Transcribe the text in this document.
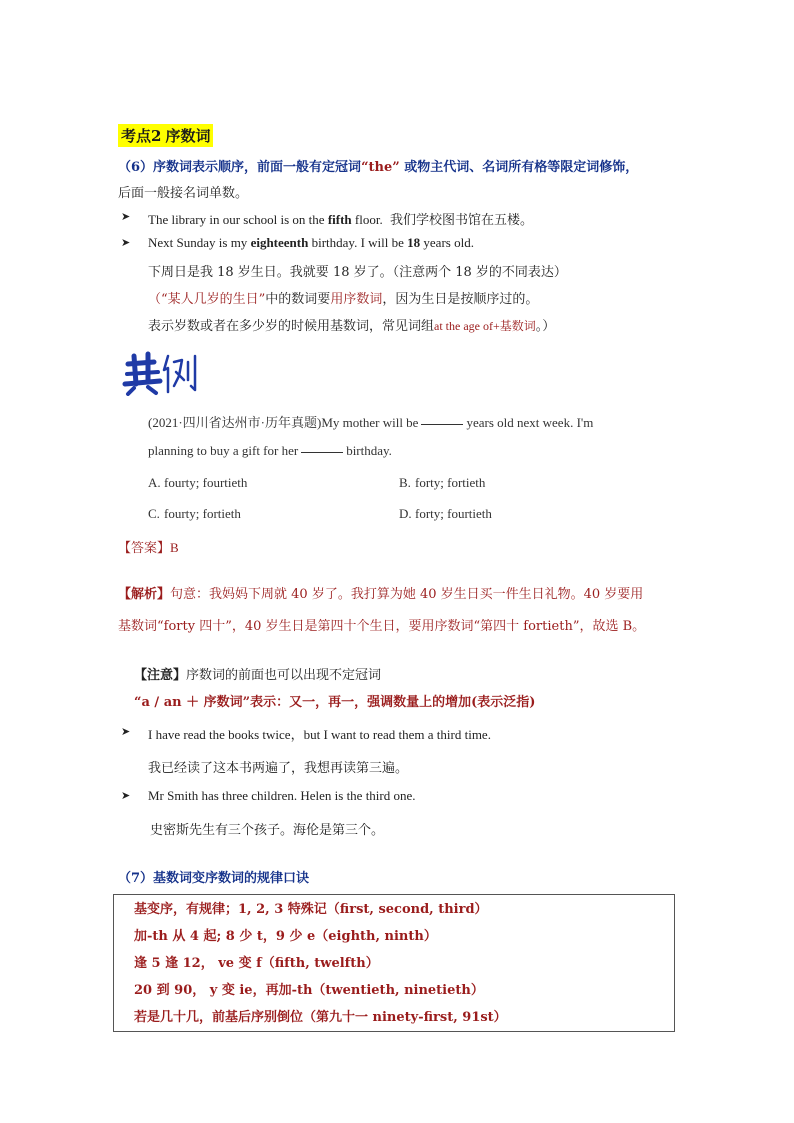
考点2 序数词
（6）序数词表示顺序，前面一般有定冠词“the” 或物主代词、名词所有格等限定词修饰，
后面一般接名词单数。
➤ The library in our school is on the fifth floor. 我们学校图书馆在五楼。
➤ Next Sunday is my eighteenth birthday. I will be 18 years old.
下周日是我 18 岁生日。我就要 18 岁了。（注意两个 18 岁的不同表达）
（“某人几岁的生日”中的数词要用序数词，因为生日是按顺序过的。
表示岁数或者在多少岁的时候用基数词，常见词组at the age of+基数词。）
(2021·四川省达州市·历年真题)My mother will be	years old next week. I'm
planning to buy a gift for her	birthday.
A. fourty; fourtieth	B. forty; fortieth
C. fourty; fortieth	D. forty; fourtieth
【答案】B
【解析】句意：我妈妈下周就 40 岁了。我打算为她 40 岁生日买一件生日礼物。40 岁要用
基数词“forty 四十”，40 岁生日是第四十个生日，要用序数词“第四十 fortieth”，故选 B。
【注意】序数词的前面也可以出现不定冠词
“a / an ＋ 序数词”表示：又一，再一，强调数量上的增加(表示泛指)
➤ I have read the books twice，but I want to read them a third time.
我已经读了这本书两遍了，我想再读第三遍。
➤ Mr Smith has three children. Helen is the third one.
史密斯先生有三个孩子。海伦是第三个。
（7）基数词变序数词的规律口诀
基变序，有规律；1, 2, 3 特殊记（first, second, third）
加-th 从 4 起; 8 少 t，9 少 e（eighth, ninth）
逢 5 逢 12， ve 变 f（fifth, twelfth）
20 到 90， y 变 ie，再加-th（twentieth, ninetieth）
若是几十几，前基后序别倒位（第九十一 ninety-first, 91st）
